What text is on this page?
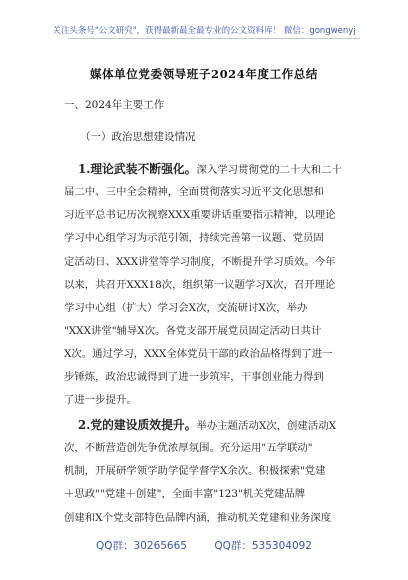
关注头条号"公文研究"，获得最新最全最专业的公文资料库！ 微信：gongwenyj
媒体单位党委领导班子2024年度工作总结
一、2024年主要工作
（一）政治思想建设情况
1.理论武装不断强化。深入学习贯彻党的二十大和二十
届二中、三中全会精神，全面贯彻落实习近平文化思想和
习近平总书记历次视察XXX重要讲话重要指示精神，以理论
学习中心组学习为示范引领，持续完善第一议题、党员固
定活动日、XXX讲堂等学习制度，不断提升学习质效。今年
以来，共召开XXX18次，组织第一议题学习X次，召开理论
学习中心组（扩大）学习会X次，交流研讨X次，举办
"XXX讲堂"辅导X次。各党支部开展党员固定活动日共计
X次。通过学习，XXX全体党员干部的政治品格得到了进一
步锤炼，政治忠诚得到了进一步筑牢，干事创业能力得到
了进一步提升。
2.党的建设质效提升。举办主题活动X次，创建活动X
次，不断营造创先争优浓厚氛围。充分运用"五学联动"
机制，开展研学领学助学促学督学X余次。积极探索"党建
＋思政""党建＋创建"，全面丰富"123"机关党建品牌
创建和X个党支部特色品牌内涵，推动机关党建和业务深度
QQ群：30265665	QQ群：535304092
